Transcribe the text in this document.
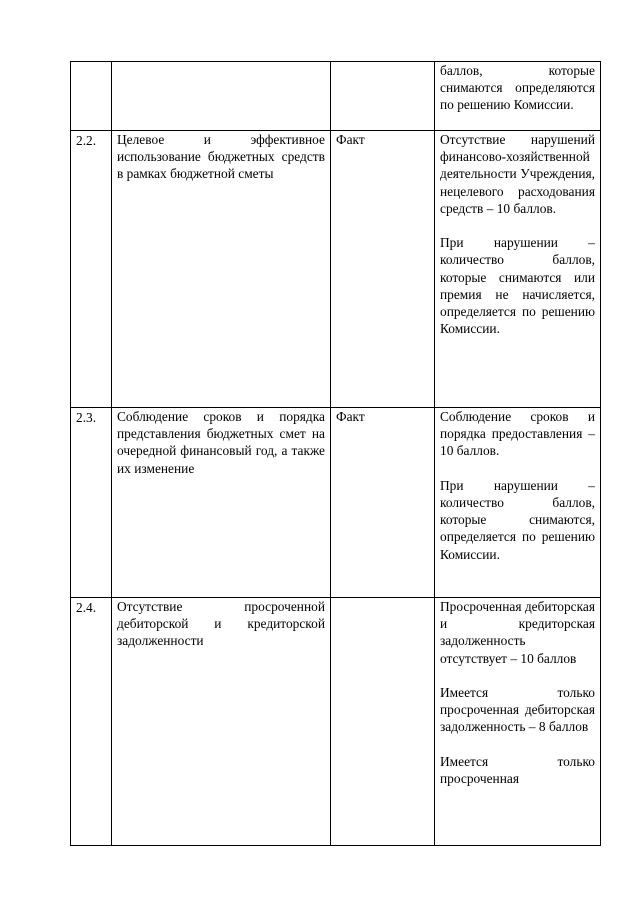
			баллов, которые снимаются определяются по решению Комиссии.

2.2.	Целевое и эффективное использование бюджетных средств в рамках бюджетной сметы	Факт	Отсутствие нарушений финансово-хозяйственной деятельности Учреждения, нецелевого расходования средств – 10 баллов.
При нарушении – количество баллов, которые снимаются или премия не начисляется, определяется по решению Комиссии.

2.3.	Соблюдение сроков и порядка представления бюджетных смет на очередной финансовый год, а также их изменение	Факт	Соблюдение сроков и порядка предоставления – 10 баллов.
При нарушении – количество баллов, которые снимаются, определяется по решению Комиссии.

2.4.	Отсутствие просроченной дебиторской и кредиторской задолженности		Просроченная дебиторская и кредиторская задолженность отсутствует – 10 баллов
Имеется только просроченная дебиторская задолженность – 8 баллов
Имеется только просроченная
